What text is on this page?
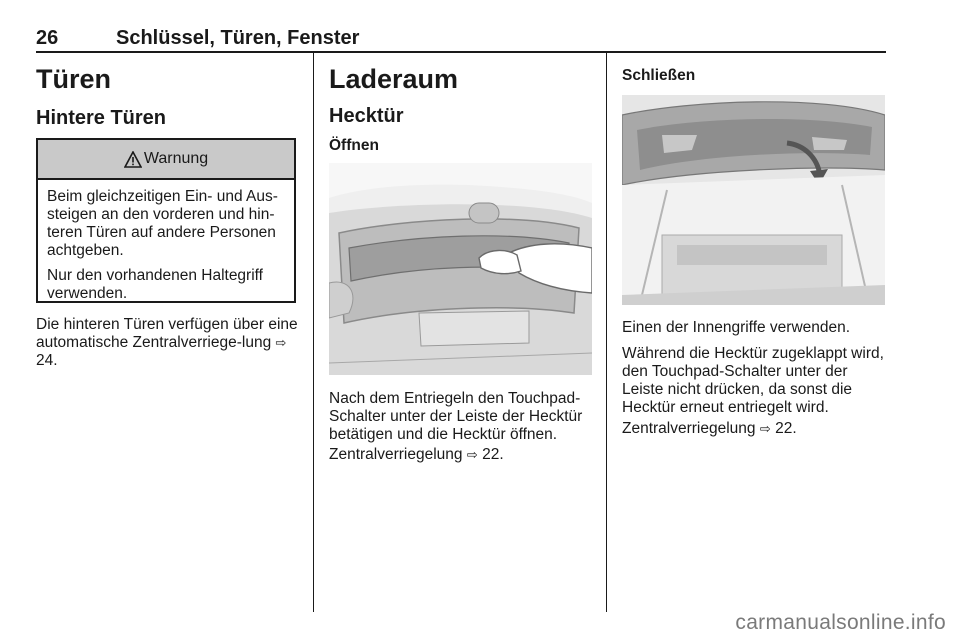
26	Schlüssel, Türen, Fenster
Türen
Hintere Türen
Warnung

Beim gleichzeitigen Ein- und Aus-steigen an den vorderen und hin-teren Türen auf andere Personen achtgeben.

Nur den vorhandenen Haltegriff verwenden.

Die hinteren Türen verfügen über eine automatische Zentralverriege-lung ⇨ 24.

Laderaum
Hecktür
Öffnen

Nach dem Entriegeln den Touchpad-Schalter unter der Leiste der Hecktür betätigen und die Hecktür öffnen.

Zentralverriegelung ⇨ 22.

Schließen

Einen der Innengriffe verwenden.

Während die Hecktür zugeklappt wird, den Touchpad-Schalter unter der Leiste nicht drücken, da sonst die Hecktür erneut entriegelt wird.

Zentralverriegelung ⇨ 22.

carmanualsonline.info
